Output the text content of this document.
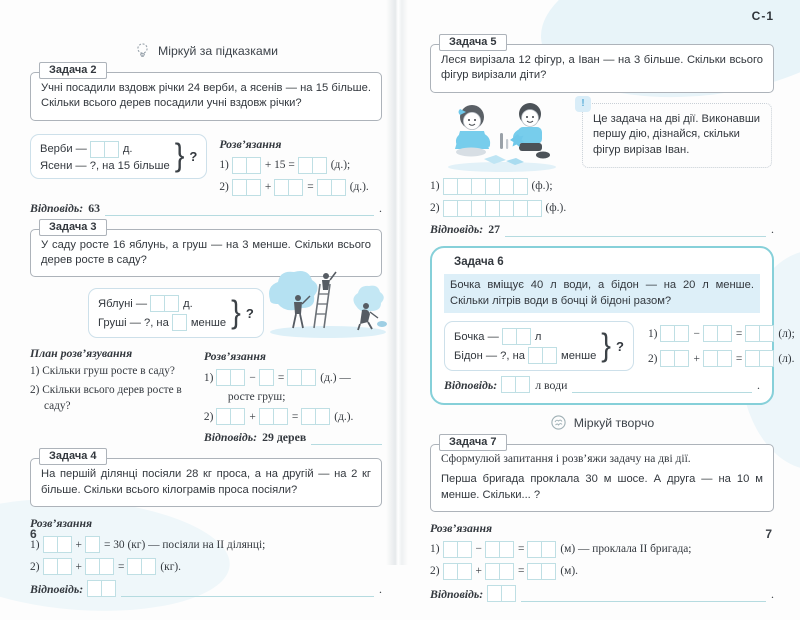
Міркуй за підказками
Задача 2
Учні посадили вздовж річки 24 верби, а ясенів — на 15 більше. Скільки всього дерев посадили учні вздовж річки?
Верби —	д.
Ясени — ?, на 15 більше } ?
Розв’язання
1)	+ 15 =	(д.);
2)	+	=	(д.).
Відповідь: 63	.
Задача 3
У саду росте 16 яблунь, а груш — на 3 менше. Скільки всього дерев росте в саду?
Яблуні —	д.
Груші — ?, на менше } ?
План розв’язування
1) Скільки груш росте в саду?
2) Скільки всього дерев росте в саду?
Розв’язання
1)	− =	(д.) —
росте груш;
2)	+	=	(д.).
Відповідь: 29 дерев
Задача 4
На першій ділянці посіяли 28 кг проса, а на другій — на 2 кг більше. Скільки всього кілограмів проса посіяли?
Розв’язання
1)	+ = 30 (кг) — посіяли на II ділянці;
2)	+	=	(кг).
Відповідь:	.
6
С-1
Задача 5
Леся вирізала 12 фігур, а Іван — на 3 більше. Скільки всього фігур вирізали діти?
!
Це задача на дві дії. Виконавши першу дію, дізнайся, скільки фігур вирізав Іван.
1)	(ф.);
2)	(ф.).
Відповідь: 27	.
Задача 6
Бочка вміщує 40 л води, а бідон — на 20 л менше. Скільки літрів води в бочці й бідоні разом?
Бочка —	л
Бідон — ?, на	менше } ?
1)	−	=	(л);
2)	+	=	(л).
Відповідь:	л води	.
Міркуй творчо
Задача 7
Сформулюй запитання і розв’яжи задачу на дві дії.
Перша бригада проклала 30 м шосе. А друга — на 10 м менше. Скільки... ?
Розв’язання
1)	−	=	(м) — проклала II бригада;
2)	+	=	(м).
Відповідь:	.
7
